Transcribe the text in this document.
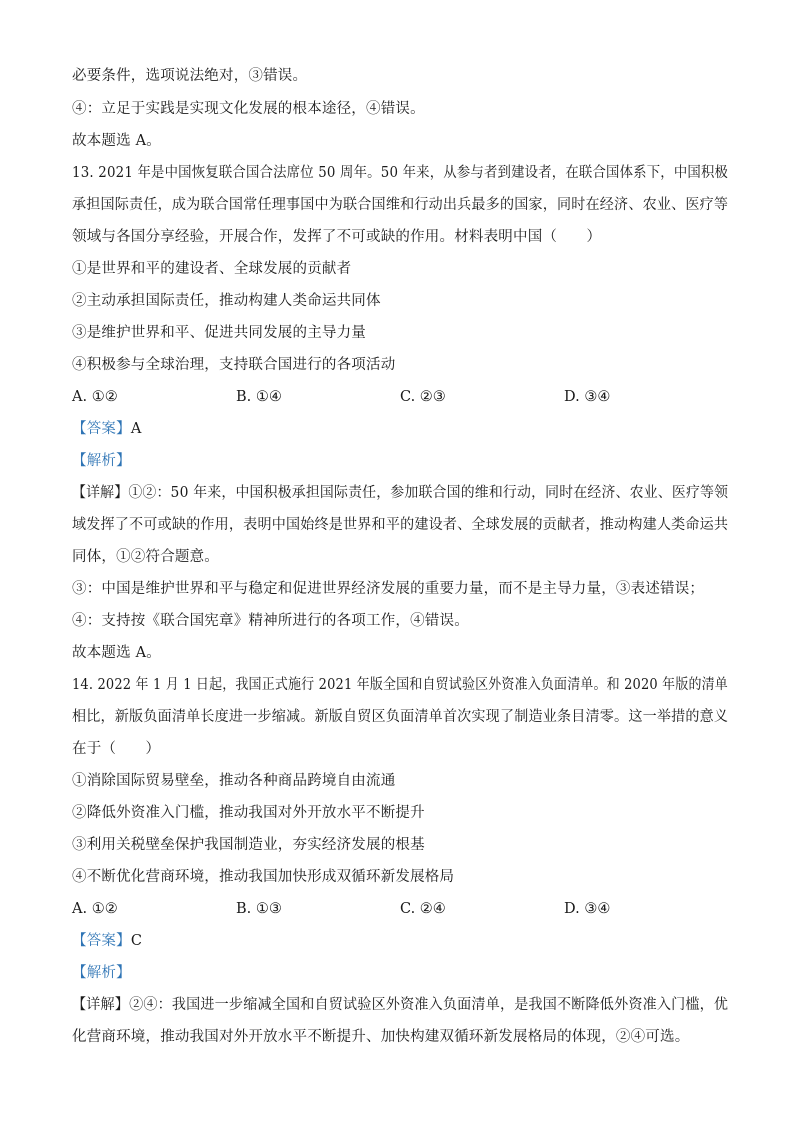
必要条件，选项说法绝对，③错误。
④：立足于实践是实现文化发展的根本途径，④错误。
故本题选 A。
13. 2021 年是中国恢复联合国合法席位 50 周年。50 年来，从参与者到建设者，在联合国体系下，中国积极
承担国际责任，成为联合国常任理事国中为联合国维和行动出兵最多的国家，同时在经济、农业、医疗等
领域与各国分享经验，开展合作，发挥了不可或缺的作用。材料表明中国（　　）
①是世界和平的建设者、全球发展的贡献者
②主动承担国际责任，推动构建人类命运共同体
③是维护世界和平、促进共同发展的主导力量
④积极参与全球治理，支持联合国进行的各项活动
A. ①②	B. ①④	C. ②③	D. ③④
【答案】A
【解析】
【详解】①②：50 年来，中国积极承担国际责任，参加联合国的维和行动，同时在经济、农业、医疗等领
域发挥了不可或缺的作用，表明中国始终是世界和平的建设者、全球发展的贡献者，推动构建人类命运共
同体，①②符合题意。
③：中国是维护世界和平与稳定和促进世界经济发展的重要力量，而不是主导力量，③表述错误；
④：支持按《联合国宪章》精神所进行的各项工作，④错误。
故本题选 A。
14. 2022 年 1 月 1 日起，我国正式施行 2021 年版全国和自贸试验区外资准入负面清单。和 2020 年版的清单
相比，新版负面清单长度进一步缩减。新版自贸区负面清单首次实现了制造业条目清零。这一举措的意义
在于（　　）
①消除国际贸易壁垒，推动各种商品跨境自由流通
②降低外资准入门槛，推动我国对外开放水平不断提升
③利用关税壁垒保护我国制造业，夯实经济发展的根基
④不断优化营商环境，推动我国加快形成双循环新发展格局
A. ①②	B. ①③	C. ②④	D. ③④
【答案】C
【解析】
【详解】②④：我国进一步缩减全国和自贸试验区外资准入负面清单，是我国不断降低外资准入门槛，优
化营商环境，推动我国对外开放水平不断提升、加快构建双循环新发展格局的体现，②④可选。
